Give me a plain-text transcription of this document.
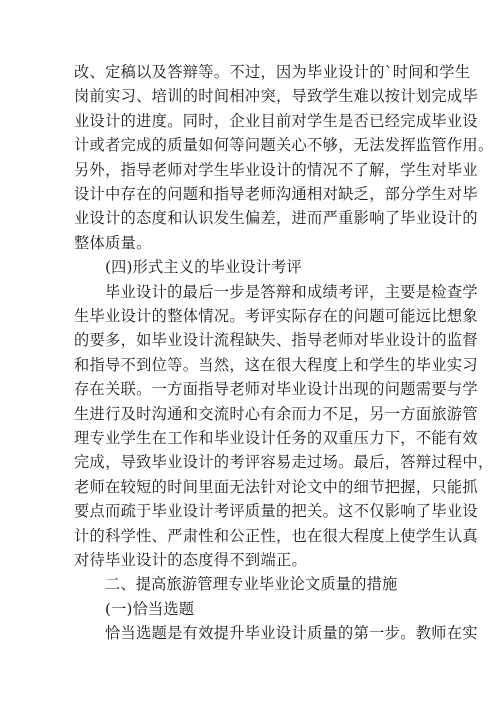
改、定稿以及答辩等。不过，因为毕业设计的`时间和学生
岗前实习、培训的时间相冲突，导致学生难以按计划完成毕
业设计的进度。同时，企业目前对学生是否已经完成毕业设
计或者完成的质量如何等问题关心不够，无法发挥监管作用。
另外，指导老师对学生毕业设计的情况不了解，学生对毕业
设计中存在的问题和指导老师沟通相对缺乏，部分学生对毕
业设计的态度和认识发生偏差，进而严重影响了毕业设计的
整体质量。
(四)形式主义的毕业设计考评
毕业设计的最后一步是答辩和成绩考评，主要是检查学
生毕业设计的整体情况。考评实际存在的问题可能远比想象
的要多，如毕业设计流程缺失、指导老师对毕业设计的监督
和指导不到位等。当然，这在很大程度上和学生的毕业实习
存在关联。一方面指导老师对毕业设计出现的问题需要与学
生进行及时沟通和交流时心有余而力不足，另一方面旅游管
理专业学生在工作和毕业设计任务的双重压力下，不能有效
完成，导致毕业设计的考评容易走过场。最后，答辩过程中，
老师在较短的时间里面无法针对论文中的细节把握，只能抓
要点而疏于毕业设计考评质量的把关。这不仅影响了毕业设
计的科学性、严肃性和公正性，也在很大程度上使学生认真
对待毕业设计的态度得不到端正。
二、提高旅游管理专业毕业论文质量的措施
(一)恰当选题
恰当选题是有效提升毕业设计质量的第一步。教师在实
